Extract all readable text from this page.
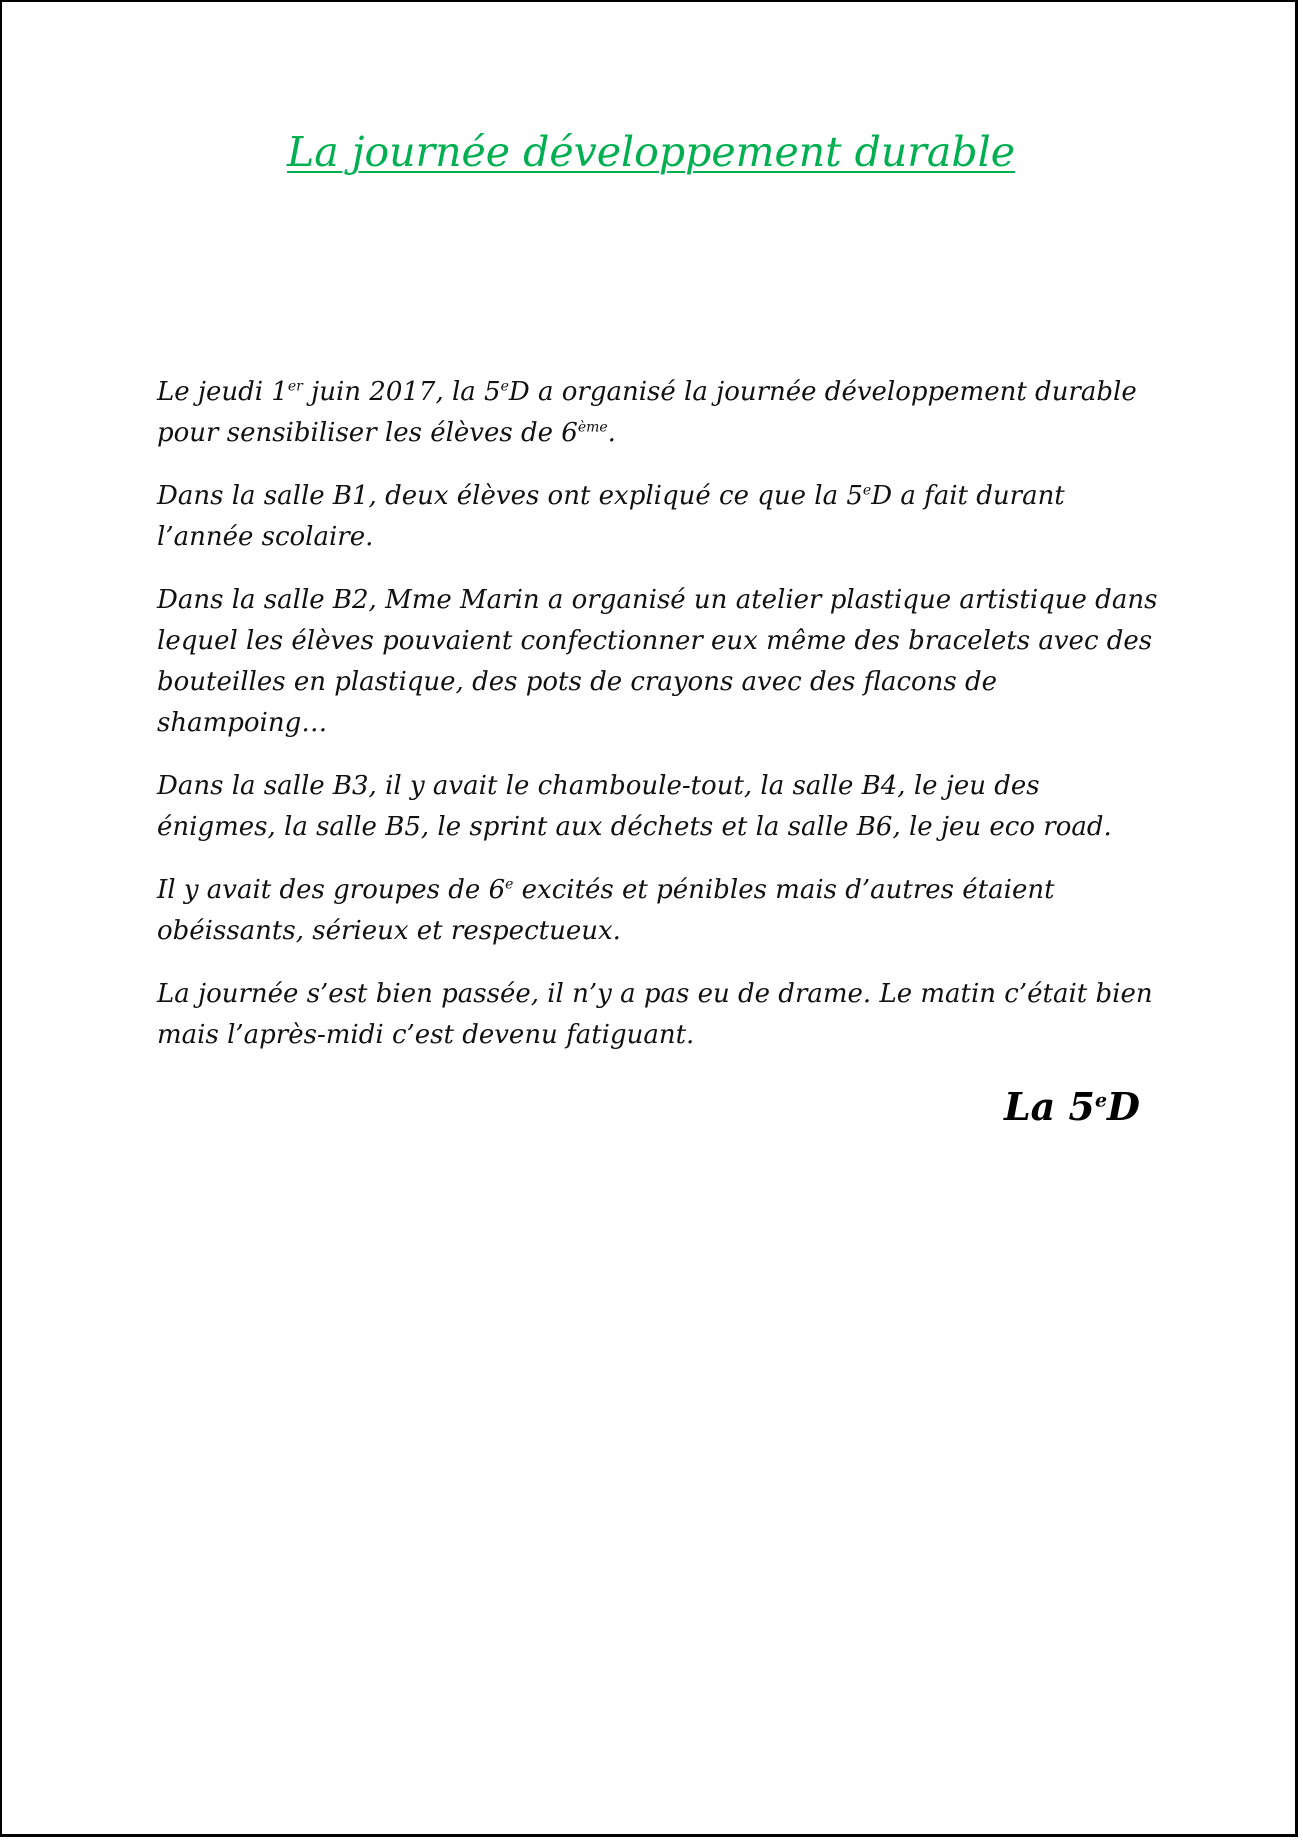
La journée développement durable

Le jeudi 1er juin 2017, la 5eD a organisé la journée développement durable pour sensibiliser les élèves de 6ème.

Dans la salle B1, deux élèves ont expliqué ce que la 5eD a fait durant l’année scolaire.

Dans la salle B2, Mme Marin a organisé un atelier plastique artistique dans lequel les élèves pouvaient confectionner eux même des bracelets avec des bouteilles en plastique, des pots de crayons avec des flacons de shampoing…

Dans la salle B3, il y avait le chamboule-tout, la salle B4, le jeu des énigmes, la salle B5, le sprint aux déchets et la salle B6, le jeu eco road.

Il y avait des groupes de 6e excités et pénibles mais d’autres étaient obéissants, sérieux et respectueux.

La journée s’est bien passée, il n’y a pas eu de drame. Le matin c’était bien mais l’après-midi c’est devenu fatiguant.

La 5eD
